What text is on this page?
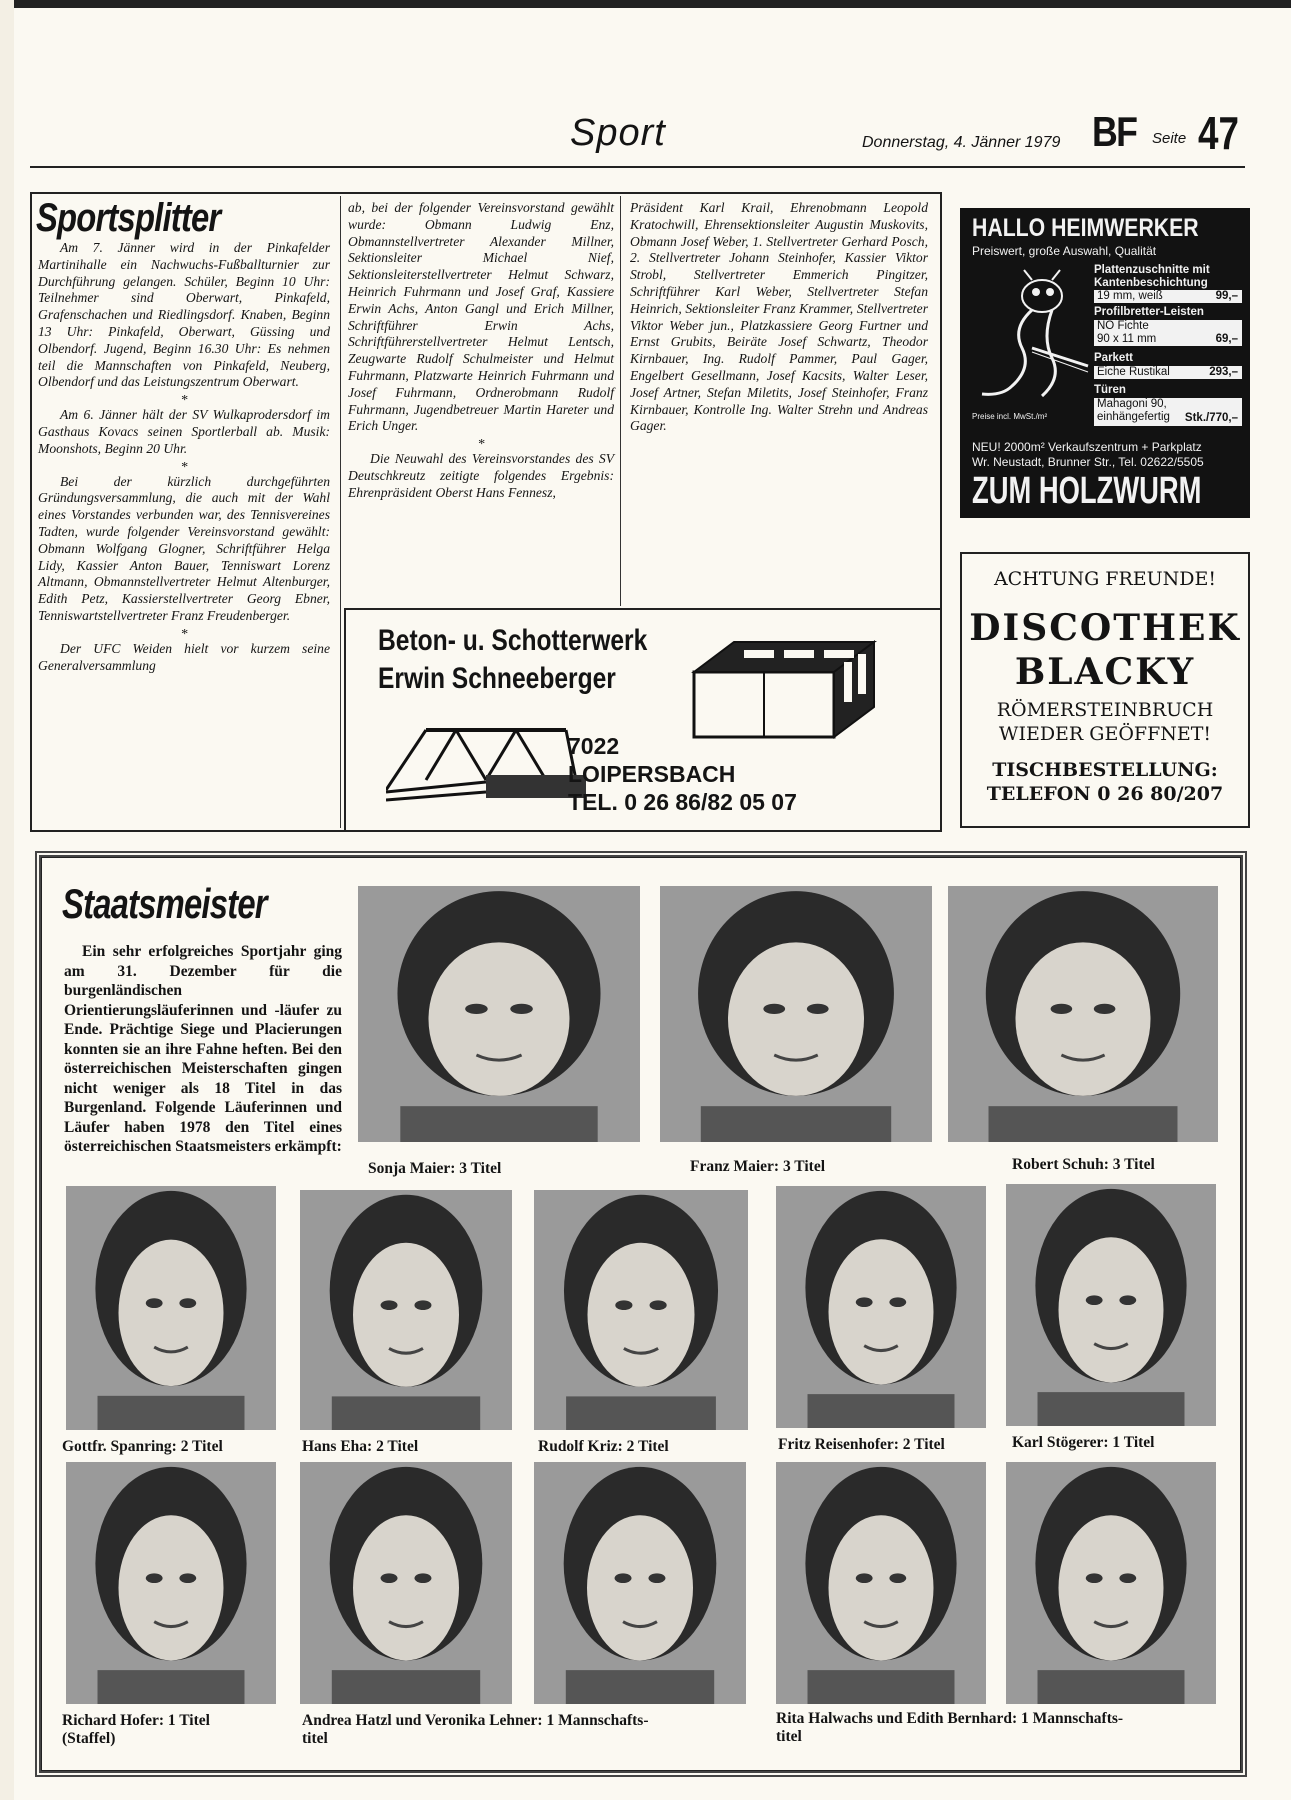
Sport	Donnerstag, 4. Jänner 1979 BF Seite 47
Sportsplitter

Am 7. Jänner wird in der Pinkafelder Martinihalle ein Nachwuchs-Fußballturnier zur Durchführung gelangen. Schüler, Beginn 10 Uhr: Teilnehmer sind Oberwart, Pinkafeld, Grafenschachen und Riedlingsdorf. Knaben, Beginn 13 Uhr: Pinkafeld, Oberwart, Güssing und Olbendorf. Jugend, Beginn 16.30 Uhr: Es nehmen teil die Mannschaften von Pinkafeld, Neuberg, Olbendorf und das Leistungszentrum Oberwart.

*

Am 6. Jänner hält der SV Wulkaprodersdorf im Gasthaus Kovacs seinen Sportlerball ab. Musik: Moonshots, Beginn 20 Uhr.

*

Bei der kürzlich durchgeführten Gründungsversammlung, die auch mit der Wahl eines Vorstandes verbunden war, des Tennisvereines Tadten, wurde folgender Vereinsvorstand gewählt: Obmann Wolfgang Glogner, Schriftführer Helga Lidy, Kassier Anton Bauer, Tenniswart Lorenz Altmann, Obmannstellvertreter Helmut Altenburger, Edith Petz, Kassierstellvertreter Georg Ebner, Tenniswartstellvertreter Franz Freudenberger.

*

Der UFC Weiden hielt vor kurzem seine Generalversammlung

ab, bei der folgender Vereinsvorstand gewählt wurde: Obmann Ludwig Enz, Obmannstellvertreter Alexander Millner, Sektionsleiter Michael Nief, Sektionsleiterstellvertreter Helmut Schwarz, Heinrich Fuhrmann und Josef Graf, Kassiere Erwin Achs, Anton Gangl und Erich Millner, Schriftführer Erwin Achs, Schriftführerstellvertreter Helmut Lentsch, Zeugwarte Rudolf Schulmeister und Helmut Fuhrmann, Platzwarte Heinrich Fuhrmann und Josef Fuhrmann, Ordnerobmann Rudolf Fuhrmann, Jugendbetreuer Martin Hareter und Erich Unger.

*

Die Neuwahl des Vereinsvorstandes des SV Deutschkreutz zeitigte folgendes Ergebnis: Ehrenpräsident Oberst Hans Fennesz,

Präsident Karl Krail, Ehrenobmann Leopold Kratochwill, Ehrensektionsleiter Augustin Muskovits, Obmann Josef Weber, 1. Stellvertreter Gerhard Posch, 2. Stellvertreter Johann Steinhofer, Kassier Viktor Strobl, Stellvertreter Emmerich Pingitzer, Schriftführer Karl Weber, Stellvertreter Stefan Heinrich, Sektionsleiter Franz Krammer, Stellvertreter Viktor Weber jun., Platzkassiere Georg Furtner und Ernst Grubits, Beiräte Josef Schwartz, Theodor Kirnbauer, Ing. Rudolf Pammer, Paul Gager, Engelbert Gesellmann, Josef Kacsits, Walter Leser, Josef Artner, Stefan Miletits, Josef Steinhofer, Franz Kirnbauer, Kontrolle Ing. Walter Strehn und Andreas Gager.

Beton- u. Schotterwerk
Erwin Schneeberger
7022
LOIPERSBACH
TEL. 0 26 86/82 05 07
HALLO HEIMWERKER
Preiswert, große Auswahl, Qualität
Plattenzuschnitte mit Kantenbeschichtung
19 mm, weiß	99,–
Profilbretter-Leisten
NO Fichte
90 x 11 mm	69,–
Parkett
Eiche Rustikal	293,–
Türen
Mahagoni 90, einhängefertig Stk./770,–
Preise incl. MwSt./m²
NEU! 2000m² Verkaufszentrum + Parkplatz
Wr. Neustadt, Brunner Str., Tel. 02622/5505
ZUM HOLZWURM
ACHTUNG FREUNDE!
DISCOTHEK
BLACKY
RÖMERSTEINBRUCH
WIEDER GEÖFFNET!
TISCHBESTELLUNG:
TELEFON 0 26 80/207
Staatsmeister

Ein sehr erfolgreiches Sportjahr ging am 31. Dezember für die burgenländischen Orientierungsläuferinnen und -läufer zu Ende. Prächtige Siege und Placierungen konnten sie an ihre Fahne heften. Bei den österreichischen Meisterschaften gingen nicht weniger als 18 Titel in das Burgenland. Folgende Läuferinnen und Läufer haben 1978 den Titel eines österreichischen Staatsmeisters erkämpft:

Sonja Maier: 3 Titel	Franz Maier: 3 Titel	Robert Schuh: 3 Titel
Gottfr. Spanring: 2 Titel	Hans Eha: 2 Titel	Rudolf Kriz: 2 Titel	Fritz Reisenhofer: 2 Titel	Karl Stögerer: 1 Titel
Richard Hofer: 1 Titel
(Staffel)
Andrea Hatzl und Veronika Lehner: 1 Mannschafts-
titel
Rita Halwachs und Edith Bernhard: 1 Mannschafts-
titel
